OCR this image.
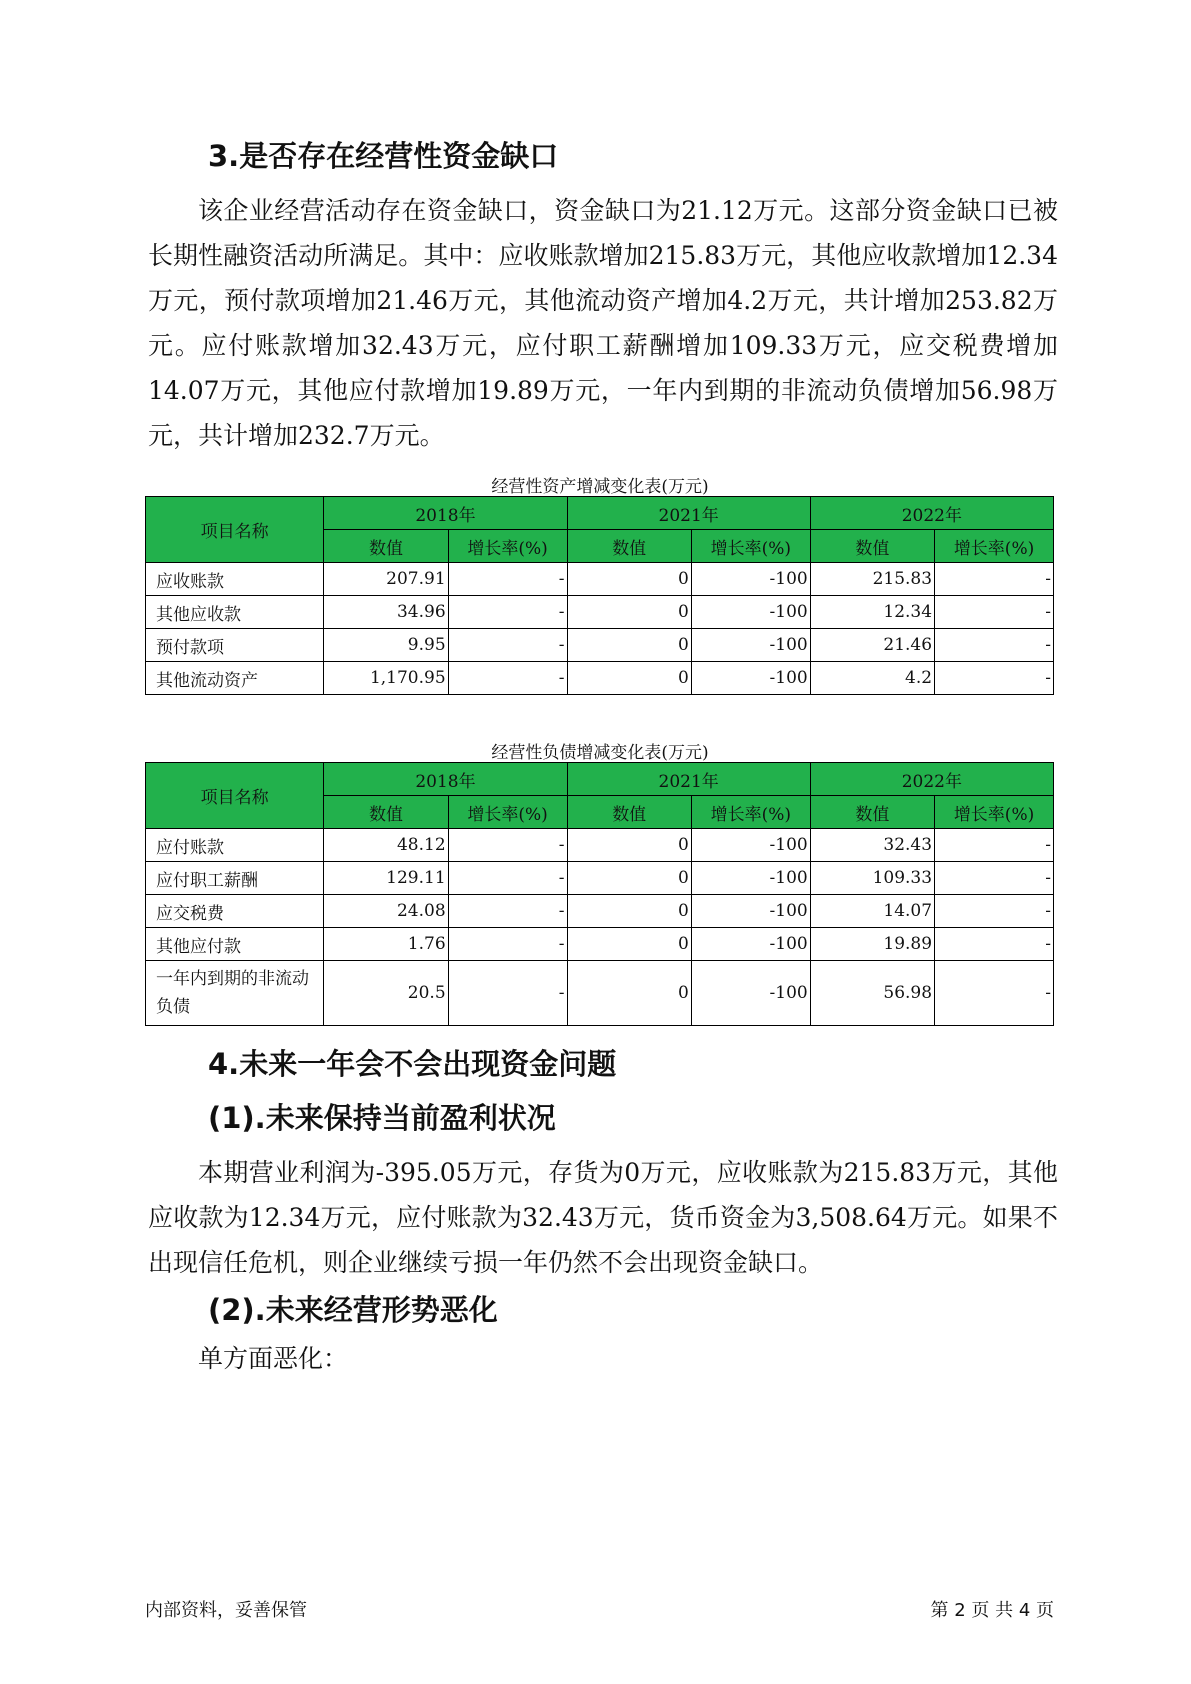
3.是否存在经营性资金缺口

该企业经营活动存在资金缺口，资金缺口为21.12万元。这部分资金缺口已被长期性融资活动所满足。其中：应收账款增加215.83万元，其他应收款增加12.34万元，预付款项增加21.46万元，其他流动资产增加4.2万元，共计增加253.82万元。应付账款增加32.43万元，应付职工薪酬增加109.33万元，应交税费增加14.07万元，其他应付款增加19.89万元，一年内到期的非流动负债增加56.98万元，共计增加232.7万元。

经营性资产增减变化表(万元)
项目名称	2018年		2021年		2022年	
	数值	增长率(%)	数值	增长率(%)	数值	增长率(%)
应收账款	207.91	-	0	-100	215.83	-
其他应收款	34.96	-	0	-100	12.34	-
预付款项	9.95	-	0	-100	21.46	-
其他流动资产	1,170.95	-	0	-100	4.2	-
经营性负债增减变化表(万元)
项目名称	2018年		2021年		2022年	
	数值	增长率(%)	数值	增长率(%)	数值	增长率(%)
应付账款	48.12	-	0	-100	32.43	-
应付职工薪酬	129.11	-	0	-100	109.33	-
应交税费	24.08	-	0	-100	14.07	-
其他应付款	1.76	-	0	-100	19.89	-
一年内到期的非流动负债	20.5	-	0	-100	56.98	-
4.未来一年会不会出现资金问题
(1).未来保持当前盈利状况

本期营业利润为-395.05万元，存货为0万元，应收账款为215.83万元，其他应收款为12.34万元，应付账款为32.43万元，货币资金为3,508.64万元。如果不出现信任危机，则企业继续亏损一年仍然不会出现资金缺口。

(2).未来经营形势恶化

单方面恶化：

内部资料，妥善保管	第 2 页 共 4 页
